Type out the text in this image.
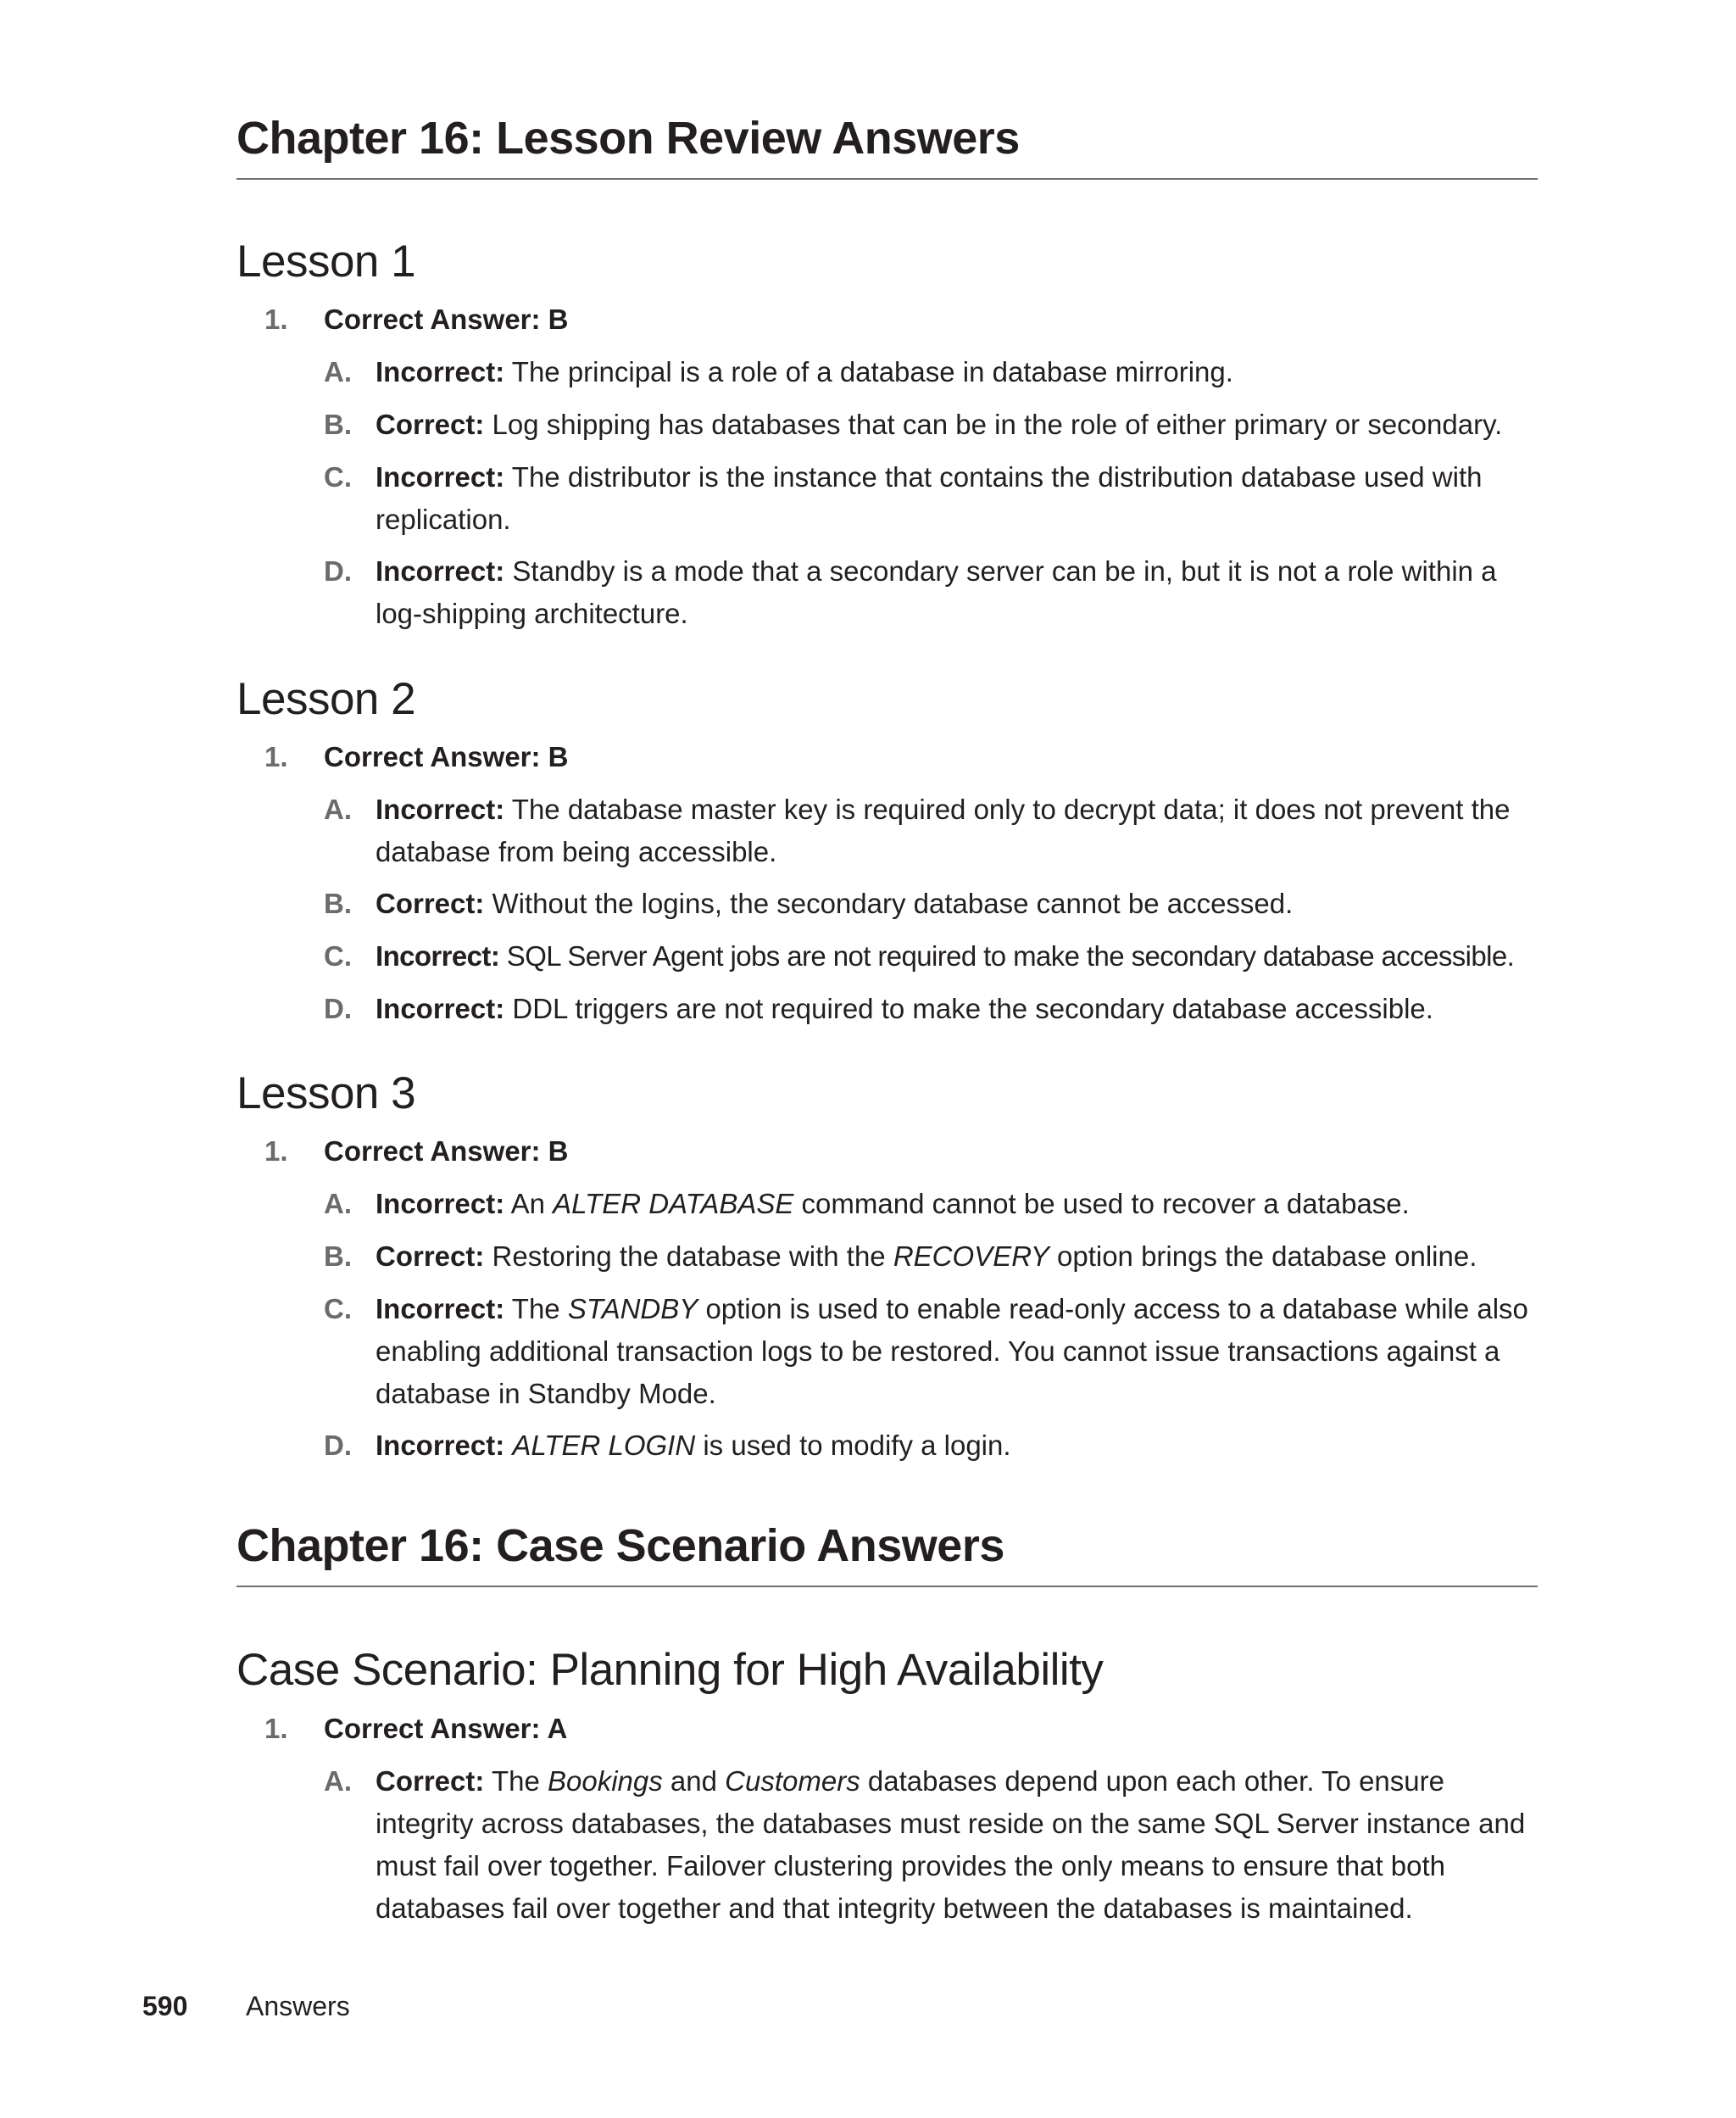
Chapter 16: Lesson Review Answers
Lesson 1
1. Correct Answer: B
A. Incorrect: The principal is a role of a database in database mirroring.
B. Correct: Log shipping has databases that can be in the role of either primary or secondary.
C. Incorrect: The distributor is the instance that contains the distribution database used with replication.
D. Incorrect: Standby is a mode that a secondary server can be in, but it is not a role within a log-shipping architecture.
Lesson 2
1. Correct Answer: B
A. Incorrect: The database master key is required only to decrypt data; it does not prevent the database from being accessible.
B. Correct: Without the logins, the secondary database cannot be accessed.
C. Incorrect: SQL Server Agent jobs are not required to make the secondary database accessible.
D. Incorrect: DDL triggers are not required to make the secondary database accessible.
Lesson 3
1. Correct Answer: B
A. Incorrect: An ALTER DATABASE command cannot be used to recover a database.
B. Correct: Restoring the database with the RECOVERY option brings the database online.
C. Incorrect: The STANDBY option is used to enable read-only access to a database while also enabling additional transaction logs to be restored. You cannot issue transactions against a database in Standby Mode.
D. Incorrect: ALTER LOGIN is used to modify a login.
Chapter 16: Case Scenario Answers
Case Scenario: Planning for High Availability
1. Correct Answer: A
A. Correct: The Bookings and Customers databases depend upon each other. To ensure integrity across databases, the databases must reside on the same SQL Server instance and must fail over together. Failover clustering provides the only means to ensure that both databases fail over together and that integrity between the databases is maintained.
590 Answers
